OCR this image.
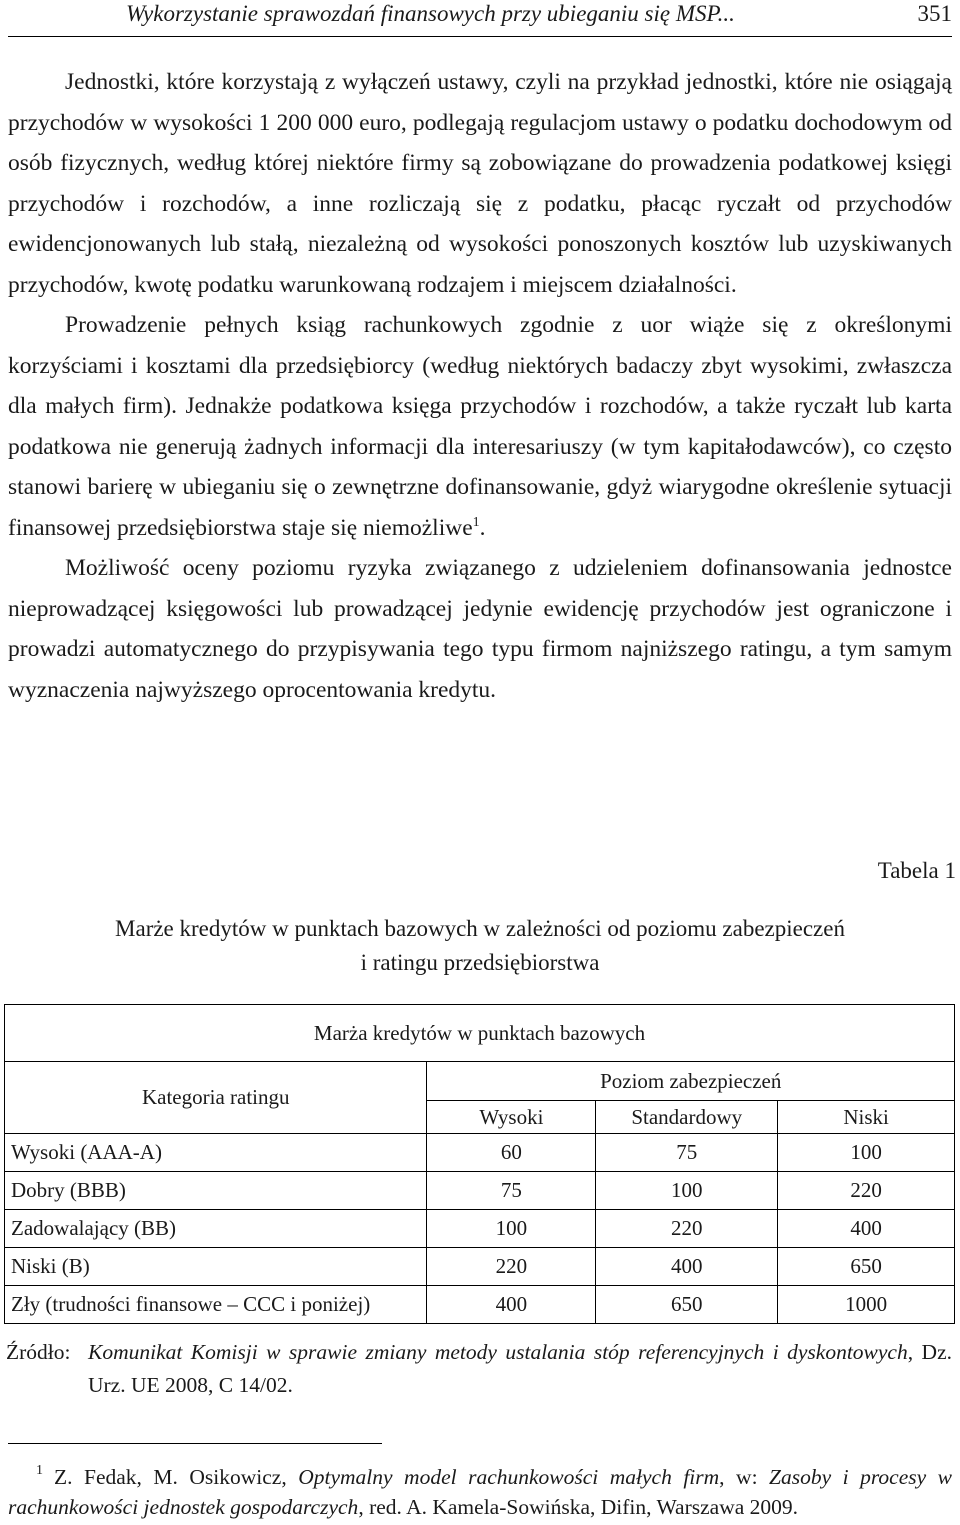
Wykorzystanie sprawozdań finansowych przy ubieganiu się MSP...	351

Jednostki, które korzystają z wyłączeń ustawy, czyli na przykład jednostki, które nie osiągają przychodów w wysokości 1 200 000 euro, podlegają regulacjom ustawy o podatku dochodowym od osób fizycznych, według której niektóre firmy są zobowiązane do prowadzenia podatkowej księgi przychodów i rozchodów, a inne rozliczają się z podatku, płacąc ryczałt od przychodów ewidencjonowanych lub stałą, niezależną od wysokości ponoszonych kosztów lub uzyskiwanych przychodów, kwotę podatku warunkowaną rodzajem i miejscem działalności.

Prowadzenie pełnych ksiąg rachunkowych zgodnie z uor wiąże się z określonymi korzyściami i kosztami dla przedsiębiorcy (według niektórych badaczy zbyt wysokimi, zwłaszcza dla małych firm). Jednakże podatkowa księga przychodów i rozchodów, a także ryczałt lub karta podatkowa nie generują żadnych informacji dla interesariuszy (w tym kapitałodawców), co często stanowi barierę w ubieganiu się o zewnętrzne dofinansowanie, gdyż wiarygodne określenie sytuacji finansowej przedsiębiorstwa staje się niemożliwe$^1$.

Możliwość oceny poziomu ryzyka związanego z udzieleniem dofinansowania jednostce nieprowadzącej księgowości lub prowadzącej jedynie ewidencję przychodów jest ograniczone i prowadzi automatycznego do przypisywania tego typu firmom najniższego ratingu, a tym samym wyznaczenia najwyższego oprocentowania kredytu.

Tabela 1
Marże kredytów w punktach bazowych w zależności od poziomu zabezpieczeń
i ratingu przedsiębiorstwa
Marża kredytów w punktach bazowych			
Kategoria ratingu	Poziom zabezpieczeń		
	Wysoki	Standardowy	Niski
Wysoki (AAA-A)	60	75	100
Dobry (BBB)	75	100	220
Zadowalający (BB)	100	220	400
Niski (B)	220	400	650
Zły (trudności finansowe – CCC i poniżej)	400	650	1000
Źródło: Komunikat Komisji w sprawie zmiany metody ustalania stóp referencyjnych i dyskontowych, Dz. Urz. UE 2008, C 14/02.
1 Z. Fedak, M. Osikowicz, Optymalny model rachunkowości małych firm, w: Zasoby i procesy w rachunkowości jednostek gospodarczych, red. A. Kamela-Sowińska, Difin, Warszawa 2009.
